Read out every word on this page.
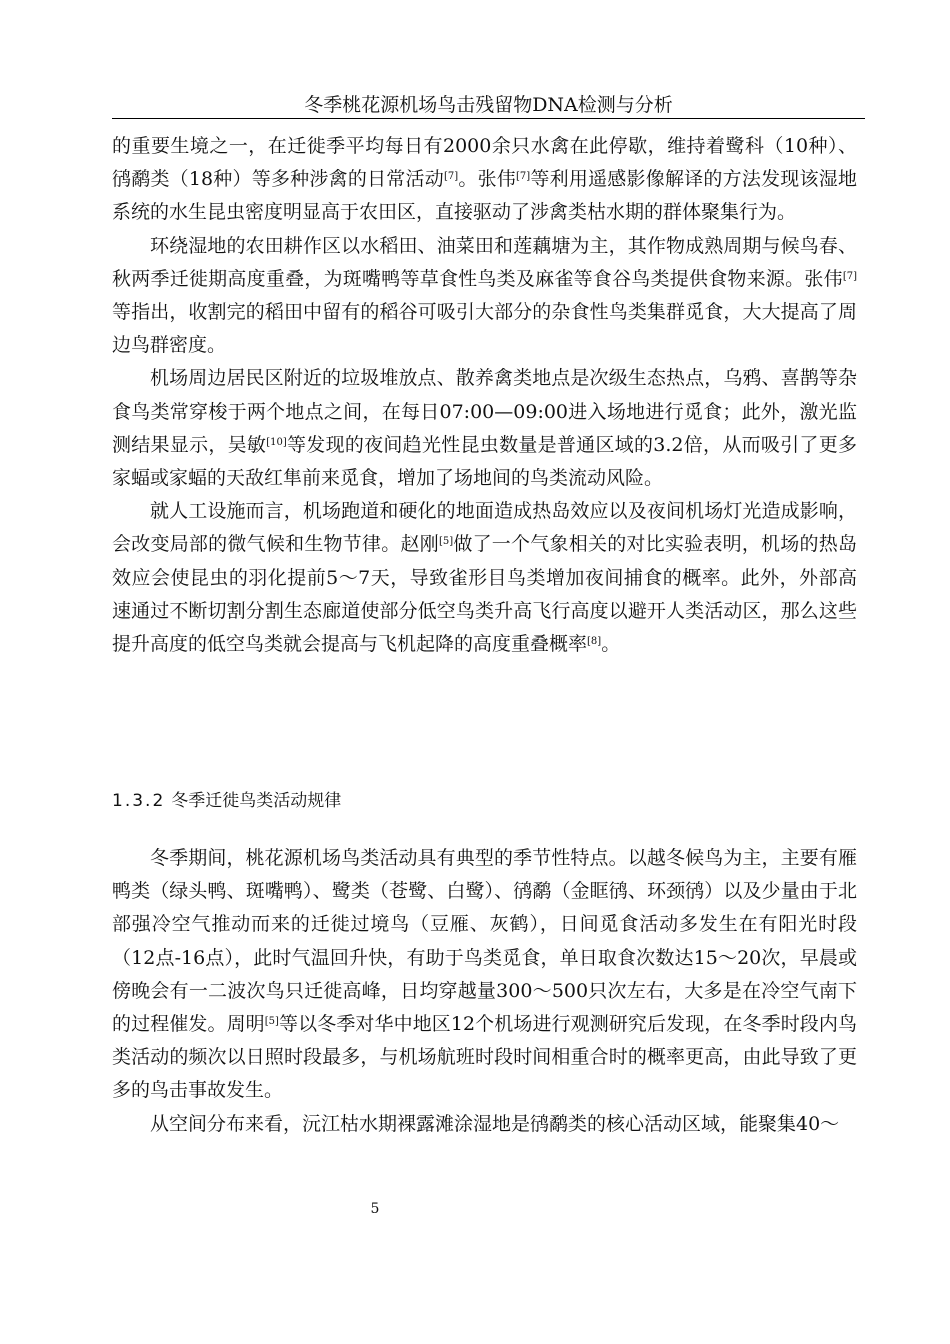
冬季桃花源机场鸟击残留物DNA检测与分析

的重要生境之一，在迁徙季平均每日有2000余只水禽在此停歇，维持着鹭科（10种）、鸻鹬类（18种）等多种涉禽的日常活动[7]。张伟[7]等利用遥感影像解译的方法发现该湿地系统的水生昆虫密度明显高于农田区，直接驱动了涉禽类枯水期的群体聚集行为。

环绕湿地的农田耕作区以水稻田、油菜田和莲藕塘为主，其作物成熟周期与候鸟春、秋两季迁徙期高度重叠，为斑嘴鸭等草食性鸟类及麻雀等食谷鸟类提供食物来源。张伟[7]等指出，收割完的稻田中留有的稻谷可吸引大部分的杂食性鸟类集群觅食，大大提高了周边鸟群密度。

机场周边居民区附近的垃圾堆放点、散养禽类地点是次级生态热点，乌鸦、喜鹊等杂食鸟类常穿梭于两个地点之间，在每日07:00—09:00进入场地进行觅食；此外，激光监测结果显示，吴敏[10]等发现的夜间趋光性昆虫数量是普通区域的3.2倍，从而吸引了更多家蝠或家蝠的天敌红隼前来觅食，增加了场地间的鸟类流动风险。

就人工设施而言，机场跑道和硬化的地面造成热岛效应以及夜间机场灯光造成影响，会改变局部的微气候和生物节律。赵刚[5]做了一个气象相关的对比实验表明，机场的热岛效应会使昆虫的羽化提前5～7天，导致雀形目鸟类增加夜间捕食的概率。此外，外部高速通过不断切割分割生态廊道使部分低空鸟类升高飞行高度以避开人类活动区，那么这些提升高度的低空鸟类就会提高与飞机起降的高度重叠概率[8]。

1.3.2 冬季迁徙鸟类活动规律

冬季期间，桃花源机场鸟类活动具有典型的季节性特点。以越冬候鸟为主，主要有雁鸭类（绿头鸭、斑嘴鸭）、鹭类（苍鹭、白鹭）、鸻鹬（金眶鸻、环颈鸻）以及少量由于北部强冷空气推动而来的迁徙过境鸟（豆雁、灰鹤），日间觅食活动多发生在有阳光时段（12点-16点），此时气温回升快，有助于鸟类觅食，单日取食次数达15～20次，早晨或傍晚会有一二波次鸟只迁徙高峰，日均穿越量300～500只次左右，大多是在冷空气南下的过程催发。周明[5]等以冬季对华中地区12个机场进行观测研究后发现，在冬季时段内鸟类活动的频次以日照时段最多，与机场航班时段时间相重合时的概率更高，由此导致了更多的鸟击事故发生。

从空间分布来看，沅江枯水期裸露滩涂湿地是鸻鹬类的核心活动区域，能聚集40～

5
